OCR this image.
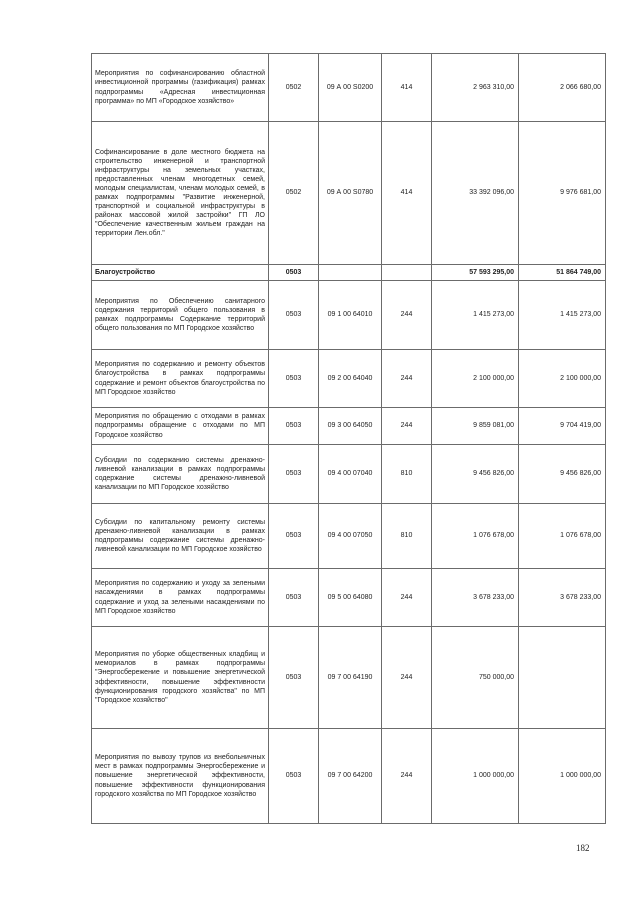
Мероприятия по софинансированию областной инвестиционной программы (газификация) рамках подпрограммы «Адресная инвестиционная программа» по МП «Городское хозяйство»	0502	09 А 00 S0200	414	2 963 310,00	2 066 680,00
Софинансирование в доле местного бюджета на строительство инженерной и транспортной инфраструктуры на земельных участках, предоставленных членам многодетных семей, молодым специалистам, членам молодых семей, в рамках подпрограммы "Развитие инженерной, транспортной и социальной инфраструктуры в районах массовой жилой застройки" ГП ЛО "Обеспечение качественным жильем граждан на территории Лен.обл."	0502	09 А 00 S0780	414	33 392 096,00	9 976 681,00
Благоустройство	0503			57 593 295,00	51 864 749,00
Мероприятия по Обеспечению санитарного содержания территорий общего пользования в рамках подпрограммы Содержание территорий общего пользования по МП Городское хозяйство	0503	09 1 00 64010	244	1 415 273,00	1 415 273,00
Мероприятия по содержанию и ремонту объектов благоустройства в рамках подпрограммы содержание и ремонт объектов благоустройства по МП Городское хозяйство	0503	09 2 00 64040	244	2 100 000,00	2 100 000,00
Мероприятия по обращению с отходами в рамках подпрограммы обращение с отходами по МП Городское хозяйство	0503	09 3 00 64050	244	9 859 081,00	9 704 419,00
Субсидии по содержанию системы дренажно-ливневой канализации в рамках подпрограммы содержание системы дренажно-ливневой канализации по МП Городское хозяйство	0503	09 4 00 07040	810	9 456 826,00	9 456 826,00
Субсидии по капитальному ремонту системы дренажно-ливневой канализации в рамках подпрограммы содержание системы дренажно-ливневой канализации по МП Городское хозяйство	0503	09 4 00 07050	810	1 076 678,00	1 076 678,00
Мероприятия по содержанию и уходу за зелеными насаждениями в рамках подпрограммы содержание и уход за зелеными насаждениями по МП Городское хозяйство	0503	09 5 00 64080	244	3 678 233,00	3 678 233,00
Мероприятия по уборке общественных кладбищ и мемориалов в рамках подпрограммы "Энергосбережение и повышение энергетической эффективности, повышение эффективности функционирования городского хозяйства" по МП "Городское хозяйство"	0503	09 7 00 64190	244	750 000,00	
Мероприятия по вывозу трупов из внебольничных мест в рамках подпрограммы Энергосбережение и повышение энергетической эффективности, повышение эффективности функционирования городского хозяйства по МП Городское хозяйство	0503	09 7 00 64200	244	1 000 000,00	1 000 000,00
182
